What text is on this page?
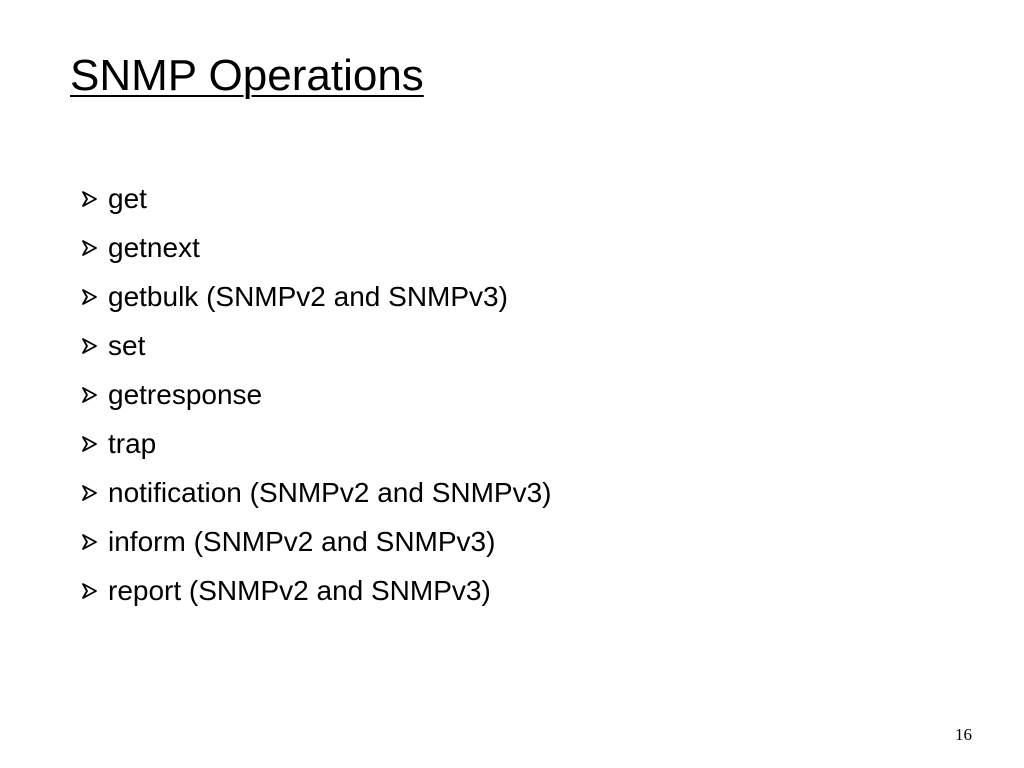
SNMP Operations
get
getnext
getbulk (SNMPv2 and SNMPv3)
set
getresponse
trap
notification (SNMPv2 and SNMPv3)
inform (SNMPv2 and SNMPv3)
report (SNMPv2 and SNMPv3)
16
